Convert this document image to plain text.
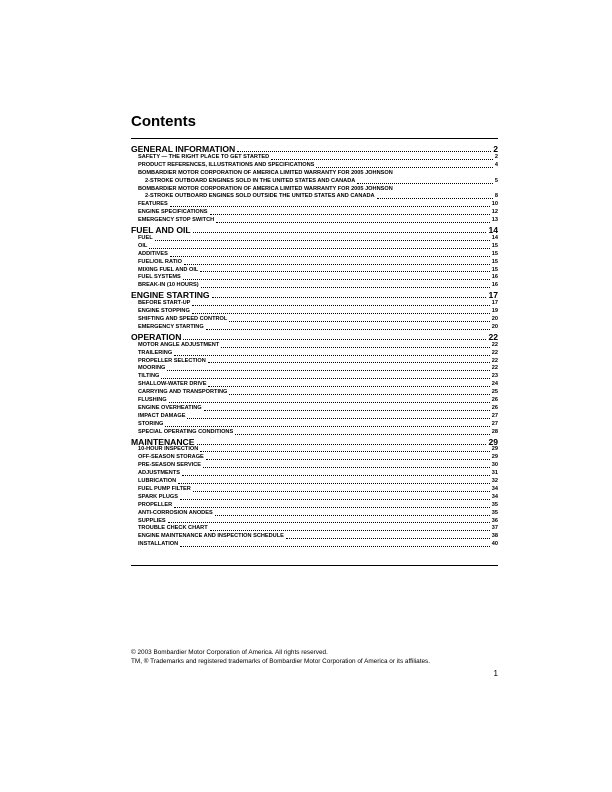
Contents
GENERAL INFORMATION	2
SAFETY — THE RIGHT PLACE TO GET STARTED	2
PRODUCT REFERENCES, ILLUSTRATIONS AND SPECIFICATIONS	4
BOMBARDIER MOTOR CORPORATION OF AMERICA LIMITED WARRANTY FOR 2005 JOHNSON
2-STROKE OUTBOARD ENGINES SOLD IN THE UNITED STATES AND CANADA	5
BOMBARDIER MOTOR CORPORATION OF AMERICA LIMITED WARRANTY FOR 2005 JOHNSON
2-STROKE OUTBOARD ENGINES SOLD OUTSIDE THE UNITED STATES AND CANADA	8
FEATURES	10
ENGINE SPECIFICATIONS	12
EMERGENCY STOP SWITCH	13
FUEL AND OIL	14
FUEL	14
OIL	15
ADDITIVES	15
FUEL/OIL RATIO	15
MIXING FUEL AND OIL	15
FUEL SYSTEMS	16
BREAK-IN (10 HOURS)	16
ENGINE STARTING	17
BEFORE START-UP	17
ENGINE STOPPING	19
SHIFTING AND SPEED CONTROL	20
EMERGENCY STARTING	20
OPERATION	22
MOTOR ANGLE ADJUSTMENT	22
TRAILERING	22
PROPELLER SELECTION	22
MOORING	22
TILTING	23
SHALLOW-WATER DRIVE	24
CARRYING AND TRANSPORTING	25
FLUSHING	26
ENGINE OVERHEATING	26
IMPACT DAMAGE	27
STORING	27
SPECIAL OPERATING CONDITIONS	28
MAINTENANCE	29
10-HOUR INSPECTION	29
OFF-SEASON STORAGE	29
PRE-SEASON SERVICE	30
ADJUSTMENTS	31
LUBRICATION	32
FUEL PUMP FILTER	34
SPARK PLUGS	34
PROPELLER	35
ANTI-CORROSION ANODES	35
SUPPLIES	36
TROUBLE CHECK CHART	37
ENGINE MAINTENANCE AND INSPECTION SCHEDULE	38
INSTALLATION	40
© 2003 Bombardier Motor Corporation of America. All rights reserved.
TM, ® Trademarks and registered trademarks of Bombardier Motor Corporation of America or its affiliates.
1
